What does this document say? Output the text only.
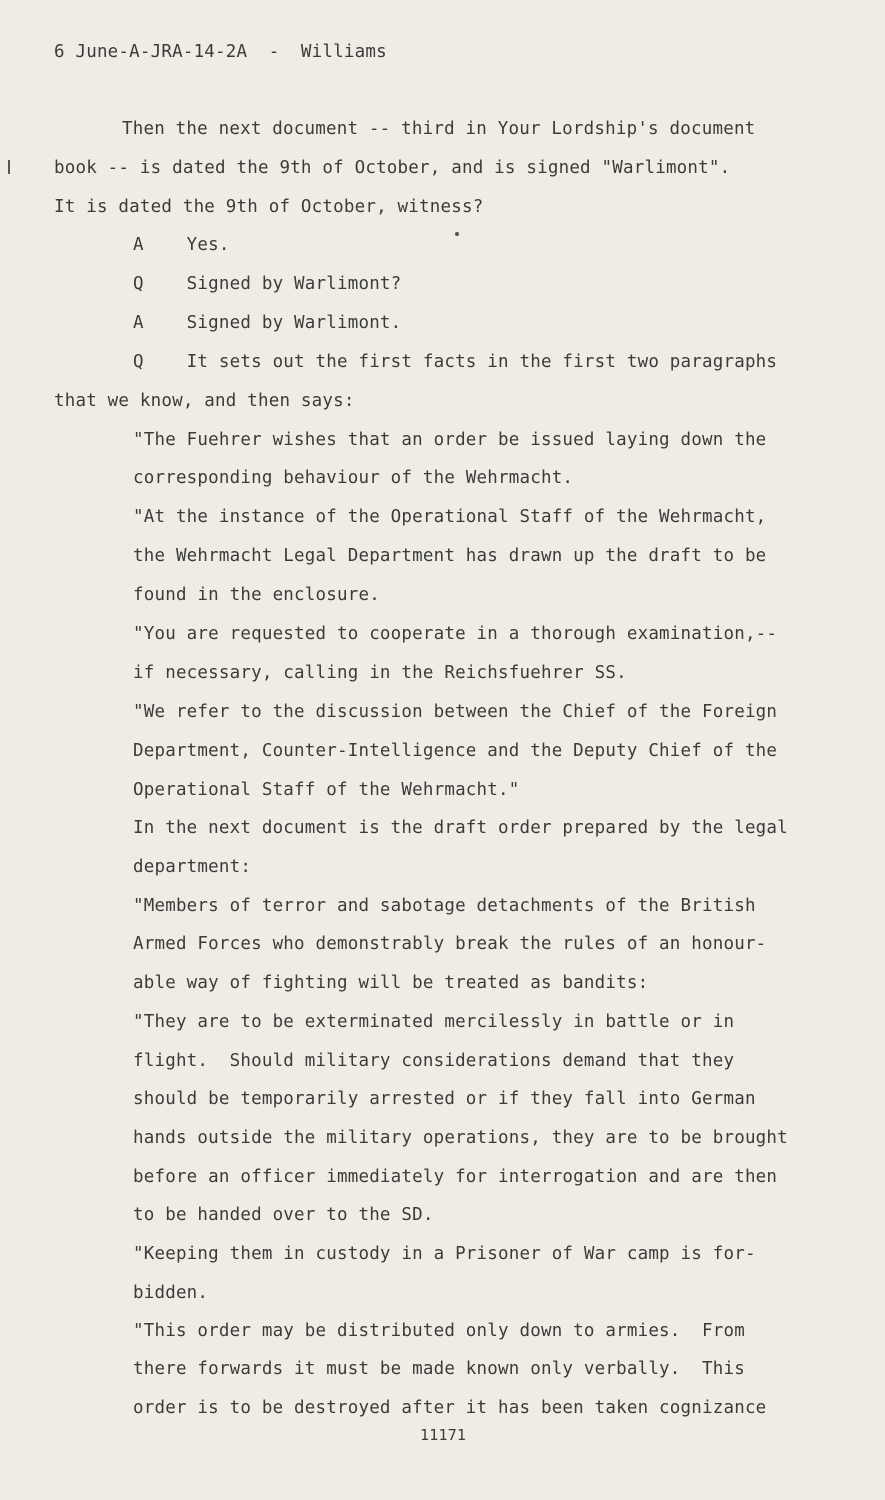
6 June-A-JRA-14-2A  -  Williams
Then the next document -- third in Your Lordship's document
book -- is dated the 9th of October, and is signed "Warlimont".
It is dated the 9th of October, witness?
A    Yes.
Q    Signed by Warlimont?
A    Signed by Warlimont.
Q    It sets out the first facts in the first two paragraphs
that we know, and then says:
"The Fuehrer wishes that an order be issued laying down the
corresponding behaviour of the Wehrmacht.
"At the instance of the Operational Staff of the Wehrmacht,
the Wehrmacht Legal Department has drawn up the draft to be
found in the enclosure.
"You are requested to cooperate in a thorough examination,--
if necessary, calling in the Reichsfuehrer SS.
"We refer to the discussion between the Chief of the Foreign
Department, Counter-Intelligence and the Deputy Chief of the
Operational Staff of the Wehrmacht."
In the next document is the draft order prepared by the legal
department:
"Members of terror and sabotage detachments of the British
Armed Forces who demonstrably break the rules of an honour-
able way of fighting will be treated as bandits:
"They are to be exterminated mercilessly in battle or in
flight.  Should military considerations demand that they
should be temporarily arrested or if they fall into German
hands outside the military operations, they are to be brought
before an officer immediately for interrogation and are then
to be handed over to the SD.
"Keeping them in custody in a Prisoner of War camp is for-
bidden.
"This order may be distributed only down to armies.  From
there forwards it must be made known only verbally.  This
order is to be destroyed after it has been taken cognizance
11171
